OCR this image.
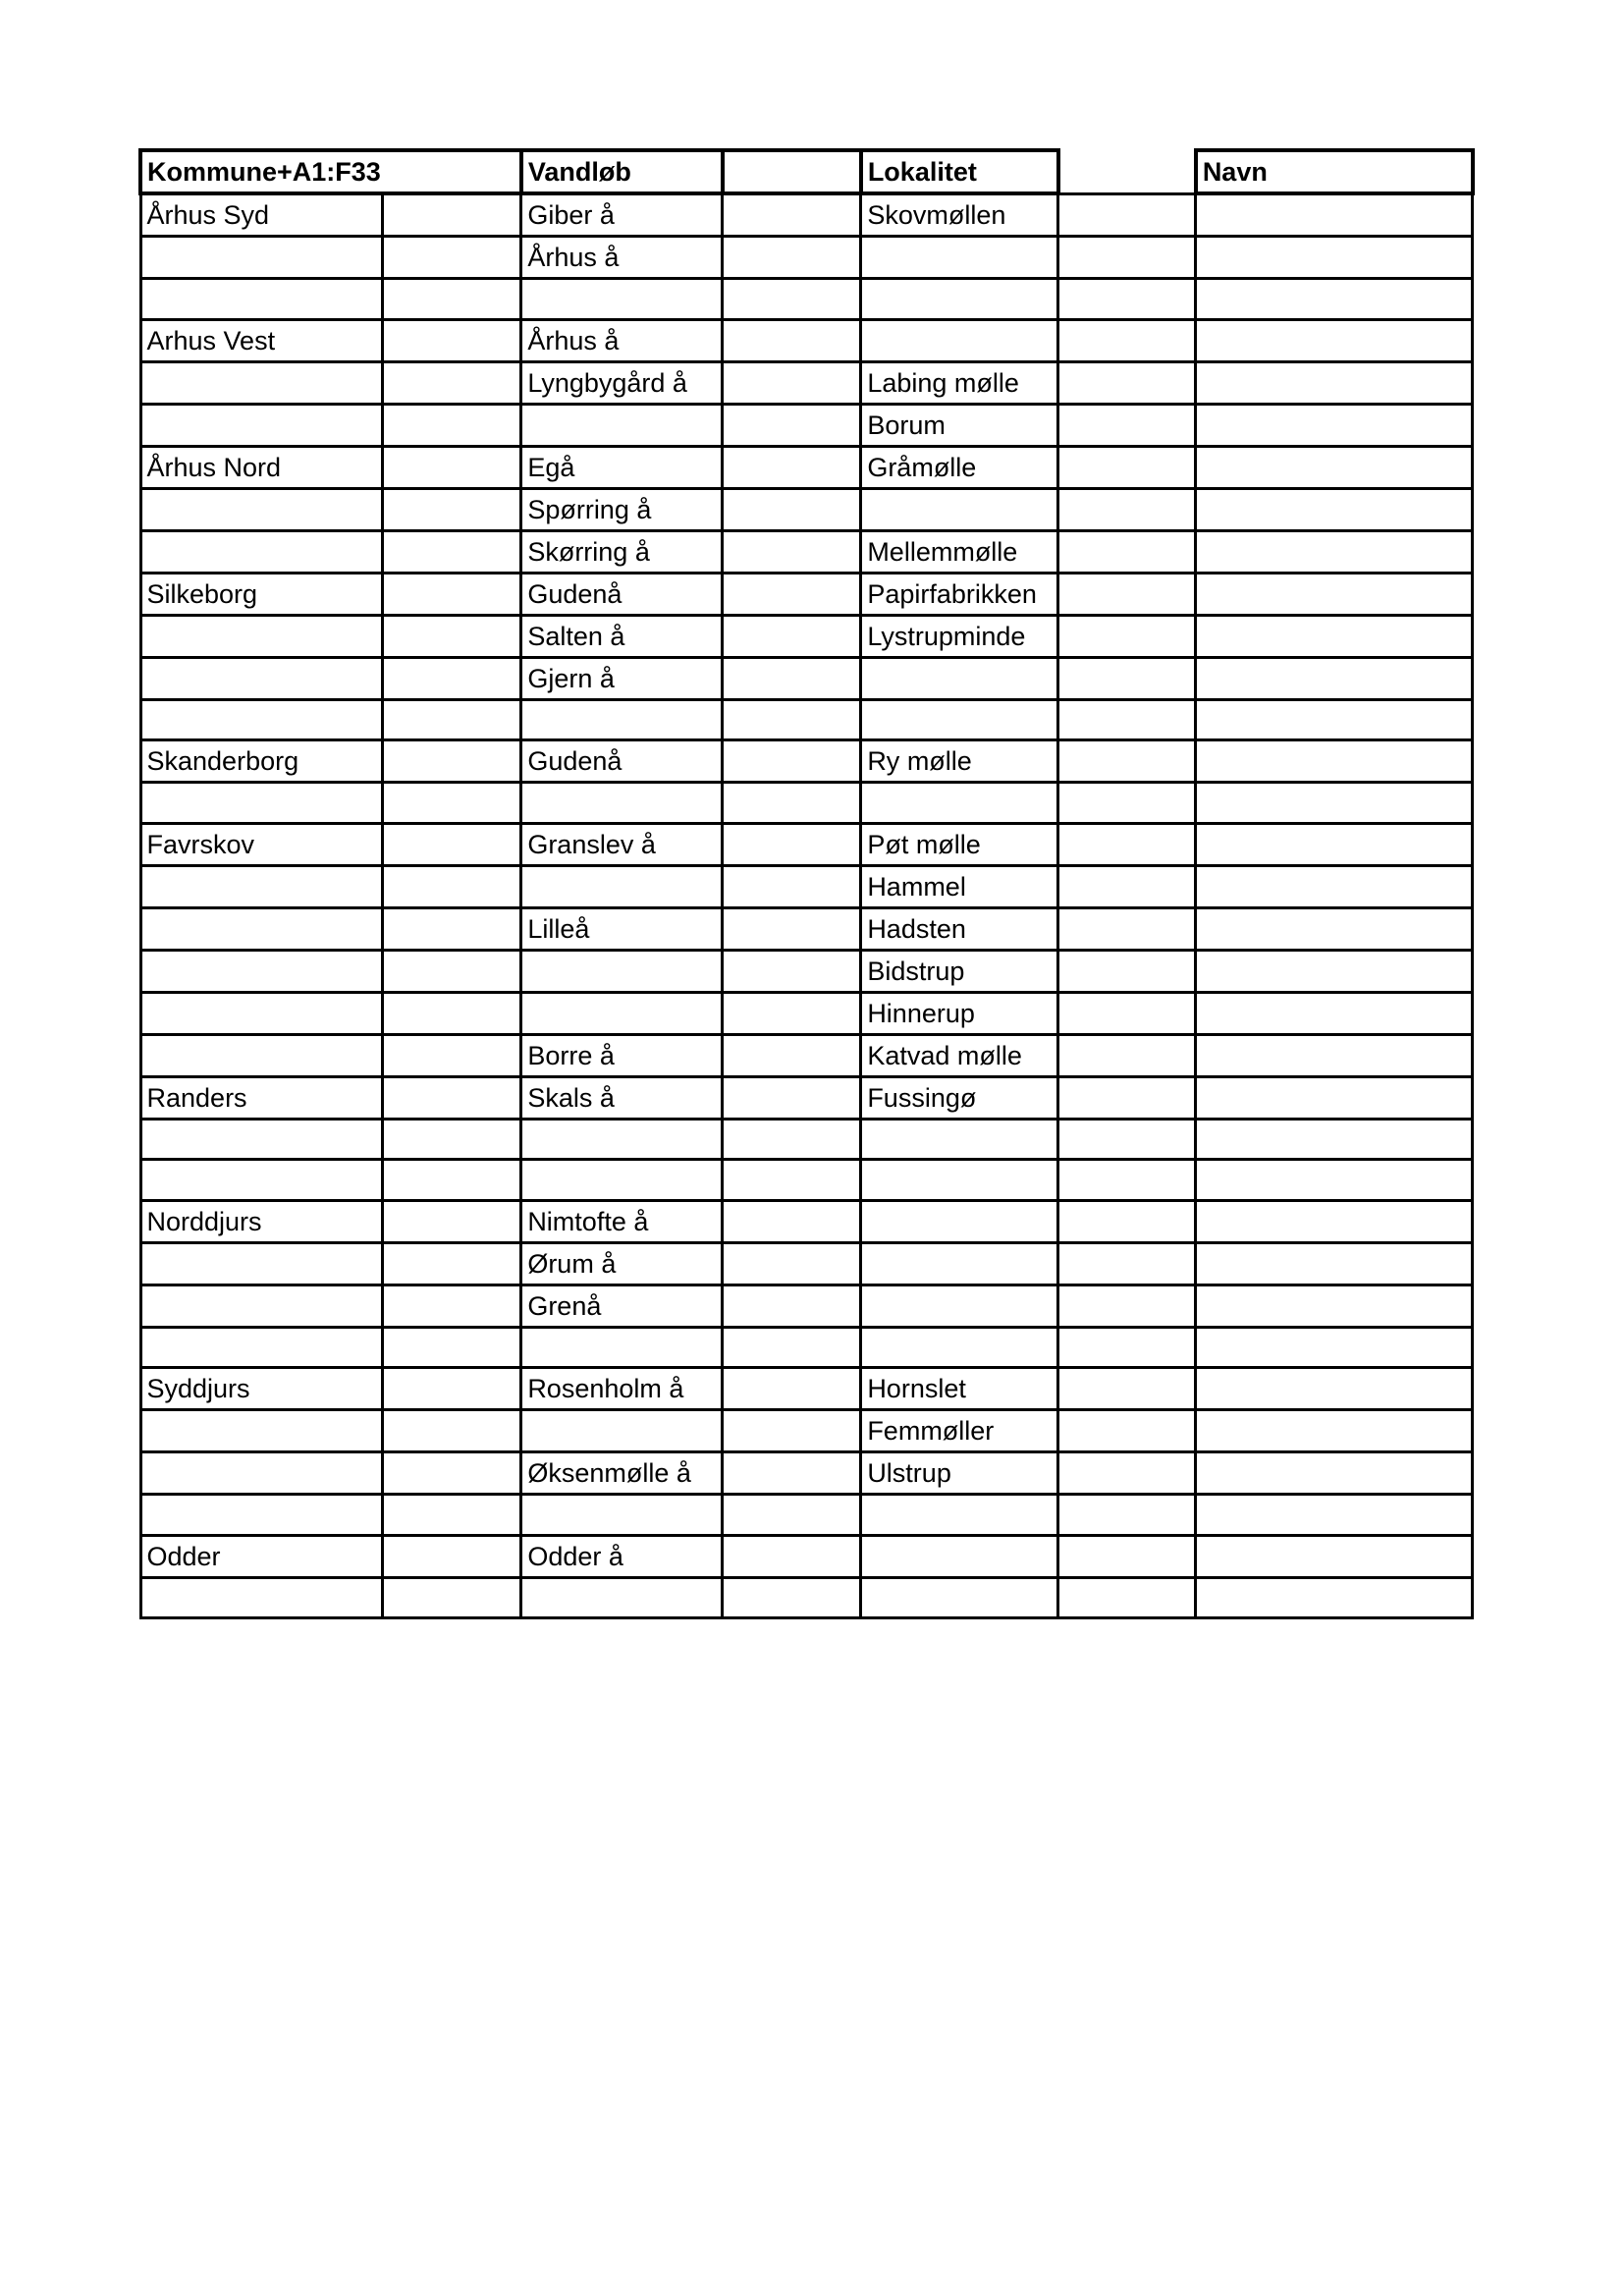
Kommune+A1:F33		Vandløb		Lokalitet		Navn
Århus Syd		Giber å		Skovmøllen		
		Århus å				

Arhus Vest		Århus å				
		Lyngbygård å		Labing mølle		
				Borum		
Århus Nord		Egå		Gråmølle		
		Spørring å				
		Skørring å		Mellemmølle		
Silkeborg		Gudenå		Papirfabrikken		
		Salten å		Lystrupminde		
		Gjern å				

Skanderborg		Gudenå		Ry mølle		

Favrskov		Granslev å		Pøt mølle		
				Hammel		
		Lilleå		Hadsten		
				Bidstrup		
				Hinnerup		
		Borre å		Katvad mølle		
Randers		Skals å		Fussingø		

Norddjurs		Nimtofte å				
		Ørum å				
		Grenå				

Syddjurs		Rosenholm å		Hornslet		
				Femmøller		
		Øksenmølle å		Ulstrup		

Odder		Odder å				
